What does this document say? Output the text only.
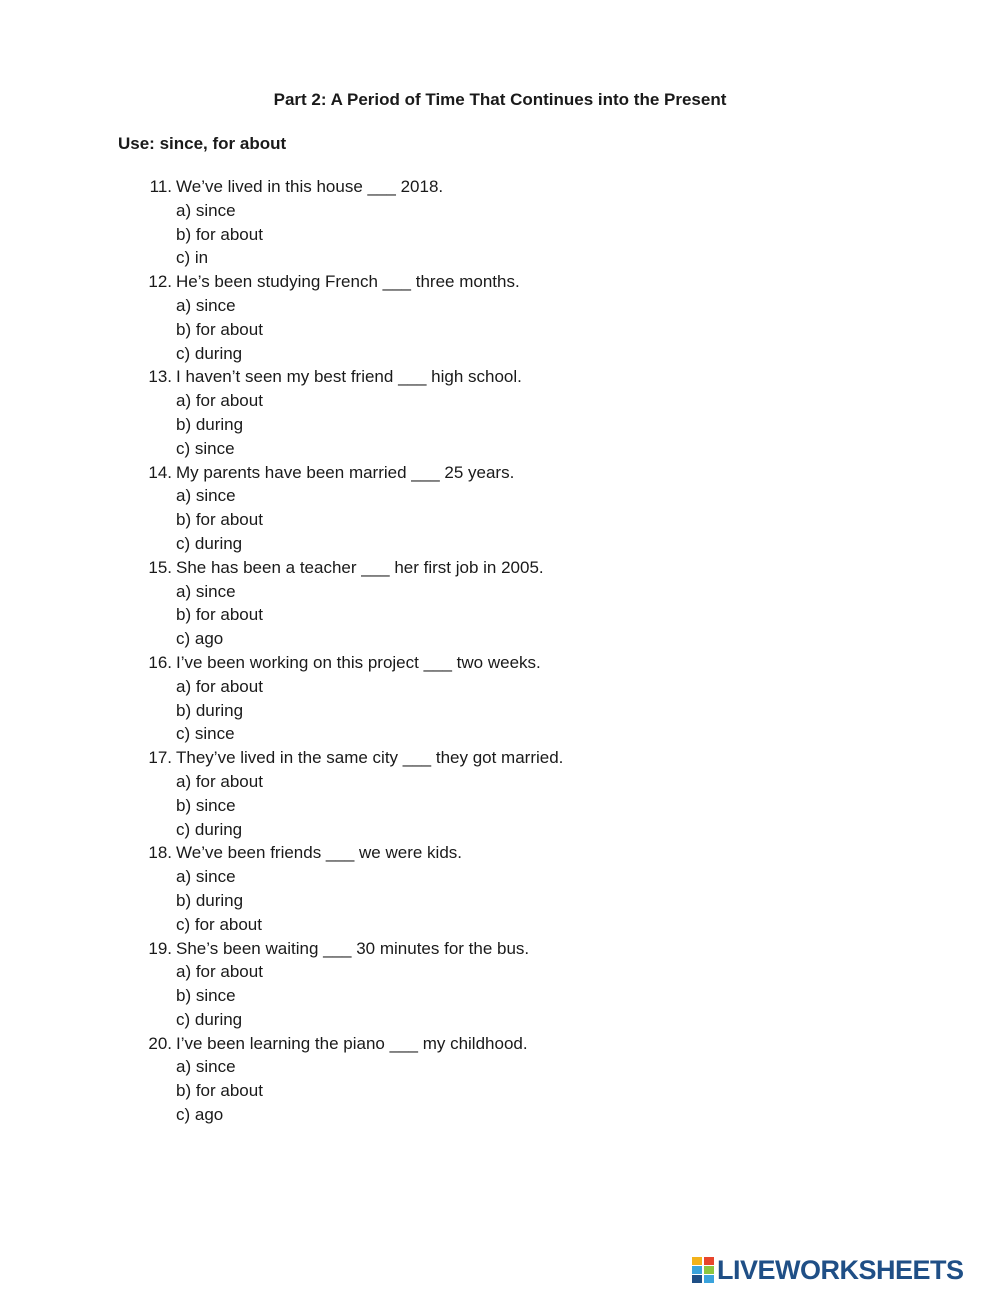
Part 2: A Period of Time That Continues into the Present
Use: since, for about
11. We’ve lived in this house ___ 2018.
a) since
b) for about
c) in
12. He’s been studying French ___ three months.
a) since
b) for about
c) during
13. I haven’t seen my best friend ___ high school.
a) for about
b) during
c) since
14. My parents have been married ___ 25 years.
a) since
b) for about
c) during
15. She has been a teacher ___ her first job in 2005.
a) since
b) for about
c) ago
16. I’ve been working on this project ___ two weeks.
a) for about
b) during
c) since
17. They’ve lived in the same city ___ they got married.
a) for about
b) since
c) during
18. We’ve been friends ___ we were kids.
a) since
b) during
c) for about
19. She’s been waiting ___ 30 minutes for the bus.
a) for about
b) since
c) during
20. I’ve been learning the piano ___ my childhood.
a) since
b) for about
c) ago
LIVEWORKSHEETS
